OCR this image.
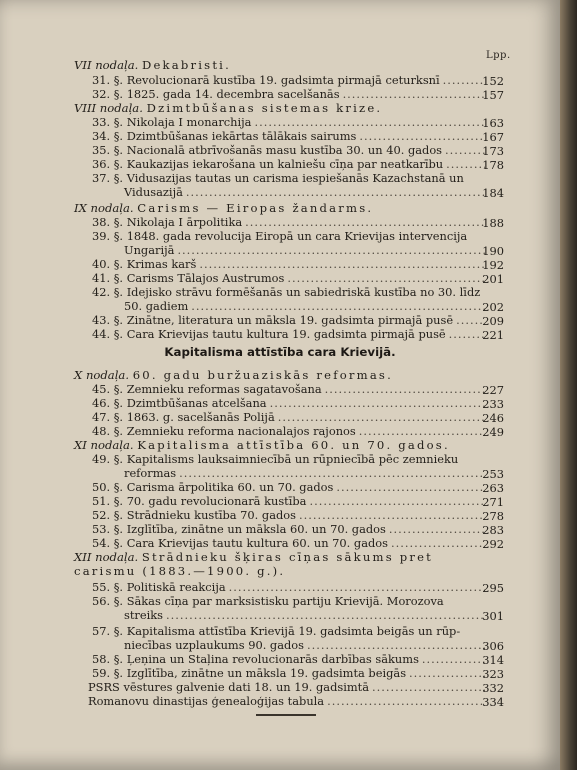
Lpp.
VII nodaļa. Dekabristi.
31. §. Revolucionarā kustība 19. gadsimta pirmajā ceturksnī .....	152
32. §. 1825. gada 14. decembra sacelšanās .....	157
VIII nodaļa. Dzimtbūšanas sistemas krize.
33. §. Nikolaja I monarchija .....	163
34. §. Dzimtbūšanas iekārtas tālākais sairums .....	167
35. §. Nacionalā atbrīvošanās masu kustība 30. un 40. gados .....	173
36. §. Kaukazijas iekarošana un kalniešu cīņa par neatkarību .....	178
37. §. Vidusazijas tautas un carisma iespiešanās Kazachstanā un
Vidusazijā .....	184
IX nodaļa. Carisms — Eiropas žandarms.
38. §. Nikolaja I ārpolitika .....	188
39. §. 1848. gada revolucija Eiropā un cara Krievijas intervencija
Ungarijā .....	190
40. §. Krimas karš .....	192
41. §. Carisms Tālajos Austrumos .....	201
42. §. Idejisko strāvu formēšanās un sabiedriskā kustība no 30. līdz
50. gadiem .....	202
43. §. Zinātne, literatura un māksla 19. gadsimta pirmajā pusē .....	209
44. §. Cara Krievijas tautu kultura 19. gadsimta pirmajā pusē .....	221
Kapitalisma attīstība cara Krievijā.
X nodaļa. 60. gadu buržuaziskās reformas.
45. §. Zemnieku reformas sagatavošana .....	227
46. §. Dzimtbūšanas atcelšana .....	233
47. §. 1863. g. sacelšanās Polijā .....	246
48. §. Zemnieku reforma nacionalajos rajonos .....	249
XI nodaļa. Kapitalisma attīstība 60. un 70. gados.
49. §. Kapitalisms lauksaimniecībā un rūpniecībā pēc zemnieku
reformas .....	253
50. §. Carisma ārpolitika 60. un 70. gados .....	263
51. §. 70. gadu revolucionarā kustība .....	271
52. §. Strādnieku kustība 70. gados .....	278
53. §. Izglītība, zinātne un māksla 60. un 70. gados .....	283
54. §. Cara Krievijas tautu kultura 60. un 70. gados .....	292
XII nodaļa. Strādnieku šķiras cīņas sākums pret
carismu (1883.—1900. g.).
55. §. Politiskā reakcija .....	295
56. §. Sākas cīņa par marksistisku partiju Krievijā. Morozova
streiks .....	301
57. §. Kapitalisma attīstība Krievijā 19. gadsimta beigās un rūp-
niecības uzplaukums 90. gados .....	306
58. §. Ļeņina un Staļina revolucionarās darbības sākums .....	314
59. §. Izglītība, zinātne un māksla 19. gadsimta beigās .....	323
PSRS vēstures galvenie dati 18. un 19. gadsimtā .....	332
Romanovu dinastijas ģenealoģijas tabula .....	334
